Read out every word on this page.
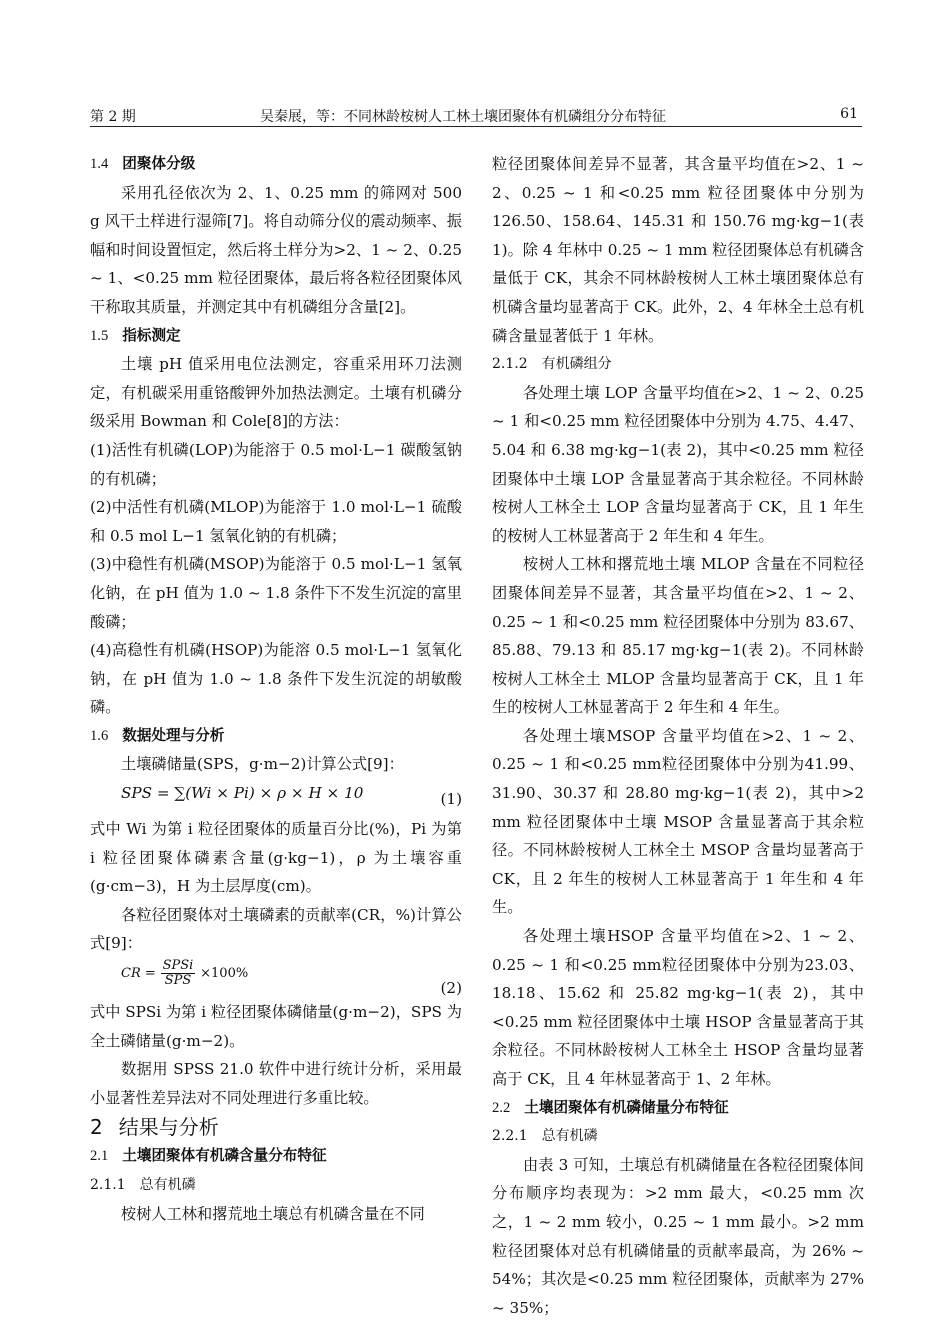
第 2 期	吴秦展，等：不同林龄桉树人工林土壤团聚体有机磷组分分布特征	61

1.4 团聚体分级

采用孔径依次为 2、1、0.25 mm 的筛网对 500 g 风干土样进行湿筛[7]。将自动筛分仪的震动频率、振幅和时间设置恒定，然后将土样分为>2、1 ~ 2、0.25 ~ 1、<0.25 mm 粒径团聚体，最后将各粒径团聚体风干称取其质量，并测定其中有机磷组分含量[2]。

1.5 指标测定

土壤 pH 值采用电位法测定，容重采用环刀法测定，有机碳采用重铬酸钾外加热法测定。土壤有机磷分级采用 Bowman 和 Cole[8]的方法：

(1)活性有机磷(LOP)为能溶于 0.5 mol·L−1 碳酸氢钠的有机磷；

(2)中活性有机磷(MLOP)为能溶于 1.0 mol·L−1 硫酸和 0.5 mol L−1 氢氧化钠的有机磷；

(3)中稳性有机磷(MSOP)为能溶于 0.5 mol·L−1 氢氧化钠，在 pH 值为 1.0 ~ 1.8 条件下不发生沉淀的富里酸磷；

(4)高稳性有机磷(HSOP)为能溶 0.5 mol·L−1 氢氧化钠，在 pH 值为 1.0 ~ 1.8 条件下发生沉淀的胡敏酸磷。

1.6 数据处理与分析

土壤磷储量(SPS，g·m−2)计算公式[9]：

SPS = ∑(Wi × Pi) × ρ × H × 10	(1)

式中 Wi 为第 i 粒径团聚体的质量百分比(%)，Pi 为第 i 粒径团聚体磷素含量(g·kg−1)，ρ 为土壤容重(g·cm−3)，H 为土层厚度(cm)。

各粒径团聚体对土壤磷素的贡献率(CR，%)计算公式[9]：

CR = $\frac{\text{SPSi}}{\text{SPS}} \times 100\%$
(2)

式中 SPSi 为第 i 粒径团聚体磷储量(g·m−2)，SPS 为全土磷储量(g·m−2)。

数据用 SPSS 21.0 软件中进行统计分析，采用最小显著性差异法对不同处理进行多重比较。

2 结果与分析

2.1 土壤团聚体有机磷含量分布特征

2.1.1 总有机磷

桉树人工林和撂荒地土壤总有机磷含量在不同

粒径团聚体间差异不显著，其含量平均值在>2、1 ~ 2、0.25 ~ 1 和<0.25 mm 粒径团聚体中分别为 126.50、158.64、145.31 和 150.76 mg·kg−1(表 1)。除 4 年林中 0.25 ~ 1 mm 粒径团聚体总有机磷含量低于 CK，其余不同林龄桉树人工林土壤团聚体总有机磷含量均显著高于 CK。此外，2、4 年林全土总有机磷含量显著低于 1 年林。

2.1.2 有机磷组分

各处理土壤 LOP 含量平均值在>2、1 ~ 2、0.25 ~ 1 和<0.25 mm 粒径团聚体中分别为 4.75、4.47、5.04 和 6.38 mg·kg−1(表 2)，其中<0.25 mm 粒径团聚体中土壤 LOP 含量显著高于其余粒径。不同林龄桉树人工林全土 LOP 含量均显著高于 CK，且 1 年生的桉树人工林显著高于 2 年生和 4 年生。

桉树人工林和撂荒地土壤 MLOP 含量在不同粒径团聚体间差异不显著，其含量平均值在>2、1 ~ 2、0.25 ~ 1 和<0.25 mm 粒径团聚体中分别为 83.67、85.88、79.13 和 85.17 mg·kg−1(表 2)。不同林龄桉树人工林全土 MLOP 含量均显著高于 CK，且 1 年生的桉树人工林显著高于 2 年生和 4 年生。

各处理土壤MSOP 含量平均值在>2、1 ~ 2、0.25 ~ 1 和<0.25 mm粒径团聚体中分别为41.99、31.90、30.37 和 28.80 mg·kg−1(表 2)，其中>2 mm 粒径团聚体中土壤 MSOP 含量显著高于其余粒径。不同林龄桉树人工林全土 MSOP 含量均显著高于 CK，且 2 年生的桉树人工林显著高于 1 年生和 4 年生。

各处理土壤HSOP 含量平均值在>2、1 ~ 2、0.25 ~ 1 和<0.25 mm粒径团聚体中分别为23.03、18.18、15.62 和 25.82 mg·kg−1(表 2)，其中<0.25 mm 粒径团聚体中土壤 HSOP 含量显著高于其余粒径。不同林龄桉树人工林全土 HSOP 含量均显著高于 CK，且 4 年林显著高于 1、2 年林。

2.2 土壤团聚体有机磷储量分布特征

2.2.1 总有机磷

由表 3 可知，土壤总有机磷储量在各粒径团聚体间分布顺序均表现为：>2 mm 最大，<0.25 mm 次之，1 ~ 2 mm 较小，0.25 ~ 1 mm 最小。>2 mm 粒径团聚体对总有机磷储量的贡献率最高，为 26% ~ 54%；其次是<0.25 mm 粒径团聚体，贡献率为 27% ~ 35%；
